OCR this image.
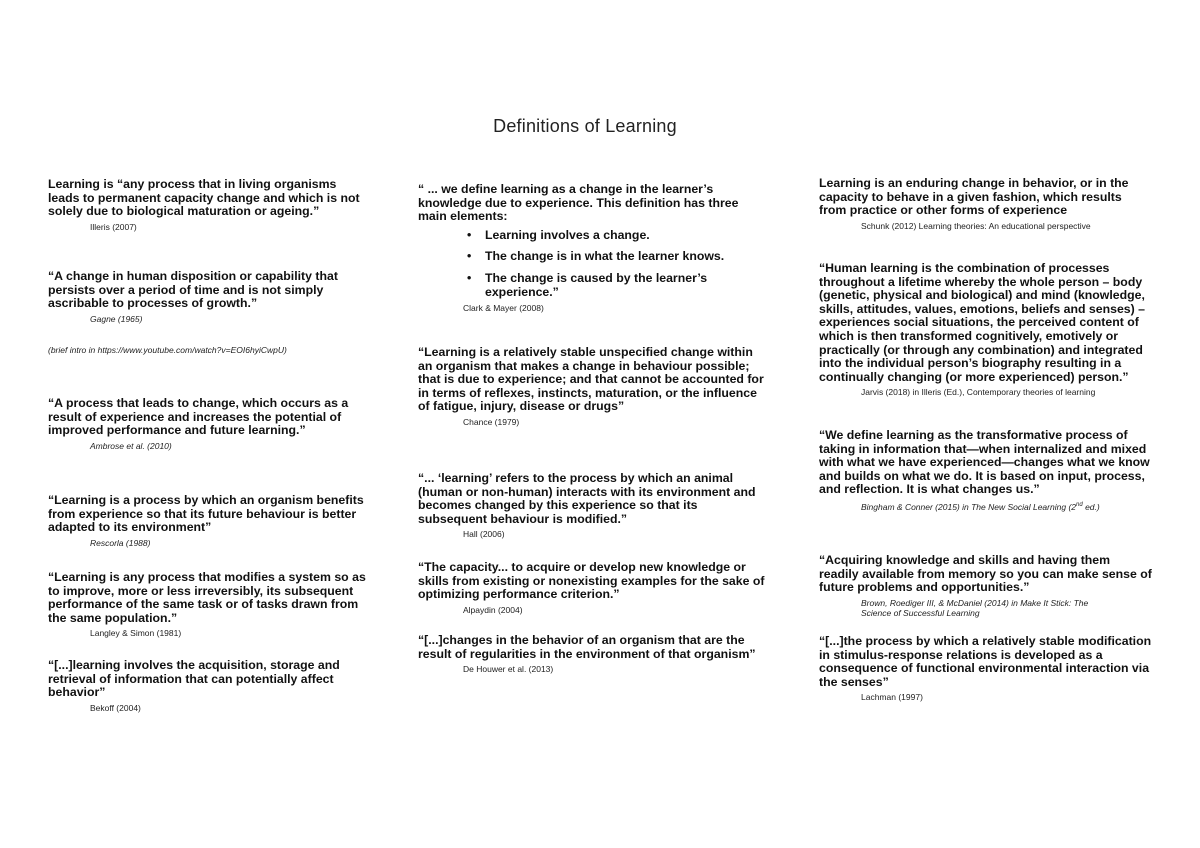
Definitions of Learning

Learning is “any process that in living organisms leads to permanent capacity change and which is not solely due to biological maturation or ageing.”

Illeris (2007)

“A change in human disposition or capability that persists over a period of time and is not simply ascribable to processes of growth.”

Gagne (1965)

(brief intro in https://www.youtube.com/watch?v=EOI6hyiCwpU)

“A process that leads to change, which occurs as a result of experience and increases the potential of improved performance and future learning.”

Ambrose et al. (2010)

“Learning is a process by which an organism benefits from experience so that its future behaviour is better adapted to its environment”

Rescorla (1988)

“Learning is any process that modifies a system so as to improve, more or less irreversibly, its subsequent performance of the same task or of tasks drawn from the same population.”

Langley & Simon (1981)

“[...]learning involves the acquisition, storage and retrieval of information that can potentially affect behavior”

Bekoff (2004)

“ ... we define learning as a change in the learner’s knowledge due to experience. This definition has three main elements:

• Learning involves a change.
• The change is in what the learner knows.
• The change is caused by the learner’s experience.”

Clark & Mayer (2008)

“Learning is a relatively stable unspecified change within an organism that makes a change in behaviour possible; that is due to experience; and that cannot be accounted for in terms of reflexes, instincts, maturation, or the influence of fatigue, injury, disease or drugs”

Chance (1979)

“... ‘learning’ refers to the process by which an animal (human or non-human) interacts with its environment and becomes changed by this experience so that its subsequent behaviour is modified.”

Hall (2006)

“The capacity... to acquire or develop new knowledge or skills from existing or nonexisting examples for the sake of optimizing performance criterion.”

Alpaydin (2004)

“[...]changes in the behavior of an organism that are the result of regularities in the environment of that organism”

De Houwer et al. (2013)

Learning is an enduring change in behavior, or in the capacity to behave in a given fashion, which results from practice or other forms of experience

Schunk (2012) Learning theories: An educational perspective

“Human learning is the combination of processes throughout a lifetime whereby the whole person – body (genetic, physical and biological) and mind (knowledge, skills, attitudes, values, emotions, beliefs and senses) – experiences social situations, the perceived content of which is then transformed cognitively, emotively or practically (or through any combination) and integrated into the individual person’s biography resulting in a continually changing (or more experienced) person.”

Jarvis (2018) in Illeris (Ed.), Contemporary theories of learning

“We define learning as the transformative process of taking in information that—when internalized and mixed with what we have experienced—changes what we know and builds on what we do. It is based on input, process, and reflection. It is what changes us.”

Bingham & Conner (2015) in The New Social Learning (2nd ed.)

“Acquiring knowledge and skills and having them readily available from memory so you can make sense of future problems and opportunities.”

Brown, Roediger III, & McDaniel (2014) in Make It Stick: The Science of Successful Learning

“[...]the process by which a relatively stable modification in stimulus-response relations is developed as a consequence of functional environmental interaction via the senses”

Lachman (1997)
